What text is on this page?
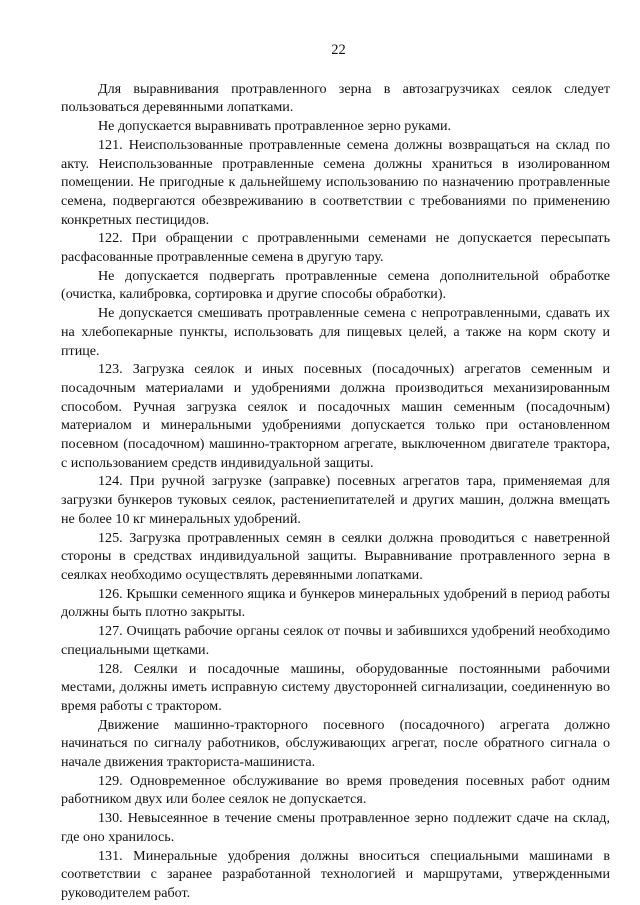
22

Для выравнивания протравленного зерна в автозагрузчиках сеялок следует пользоваться деревянными лопатками.

Не допускается выравнивать протравленное зерно руками.

121. Неиспользованные протравленные семена должны возвращаться на склад по акту. Неиспользованные протравленные семена должны храниться в изолированном помещении. Не пригодные к дальнейшему использованию по назначению протравленные семена, подвергаются обезвреживанию в соответствии с требованиями по применению конкретных пестицидов.

122. При обращении с протравленными семенами не допускается пересыпать расфасованные протравленные семена в другую тару.

Не допускается подвергать протравленные семена дополнительной обработке (очистка, калибровка, сортировка и другие способы обработки).

Не допускается смешивать протравленные семена с непротравленными, сдавать их на хлебопекарные пункты, использовать для пищевых целей, а также на корм скоту и птице.

123. Загрузка сеялок и иных посевных (посадочных) агрегатов семенным и посадочным материалами и удобрениями должна производиться механизированным способом. Ручная загрузка сеялок и посадочных машин семенным (посадочным) материалом и минеральными удобрениями допускается только при остановленном посевном (посадочном) машинно-тракторном агрегате, выключенном двигателе трактора, с использованием средств индивидуальной защиты.

124. При ручной загрузке (заправке) посевных агрегатов тара, применяемая для загрузки бункеров туковых сеялок, растениепитателей и других машин, должна вмещать не более 10 кг минеральных удобрений.

125. Загрузка протравленных семян в сеялки должна проводиться с наветренной стороны в средствах индивидуальной защиты. Выравнивание протравленного зерна в сеялках необходимо осуществлять деревянными лопатками.

126. Крышки семенного ящика и бункеров минеральных удобрений в период работы должны быть плотно закрыты.

127. Очищать рабочие органы сеялок от почвы и забившихся удобрений необходимо специальными щетками.

128. Сеялки и посадочные машины, оборудованные постоянными рабочими местами, должны иметь исправную систему двусторонней сигнализации, соединенную во время работы с трактором.

Движение машинно-тракторного посевного (посадочного) агрегата должно начинаться по сигналу работников, обслуживающих агрегат, после обратного сигнала о начале движения тракториста-машиниста.

129. Одновременное обслуживание во время проведения посевных работ одним работником двух или более сеялок не допускается.

130. Невысеянное в течение смены протравленное зерно подлежит сдаче на склад, где оно хранилось.

131. Минеральные удобрения должны вноситься специальными машинами в соответствии с заранее разработанной технологией и маршрутами, утвержденными руководителем работ.
